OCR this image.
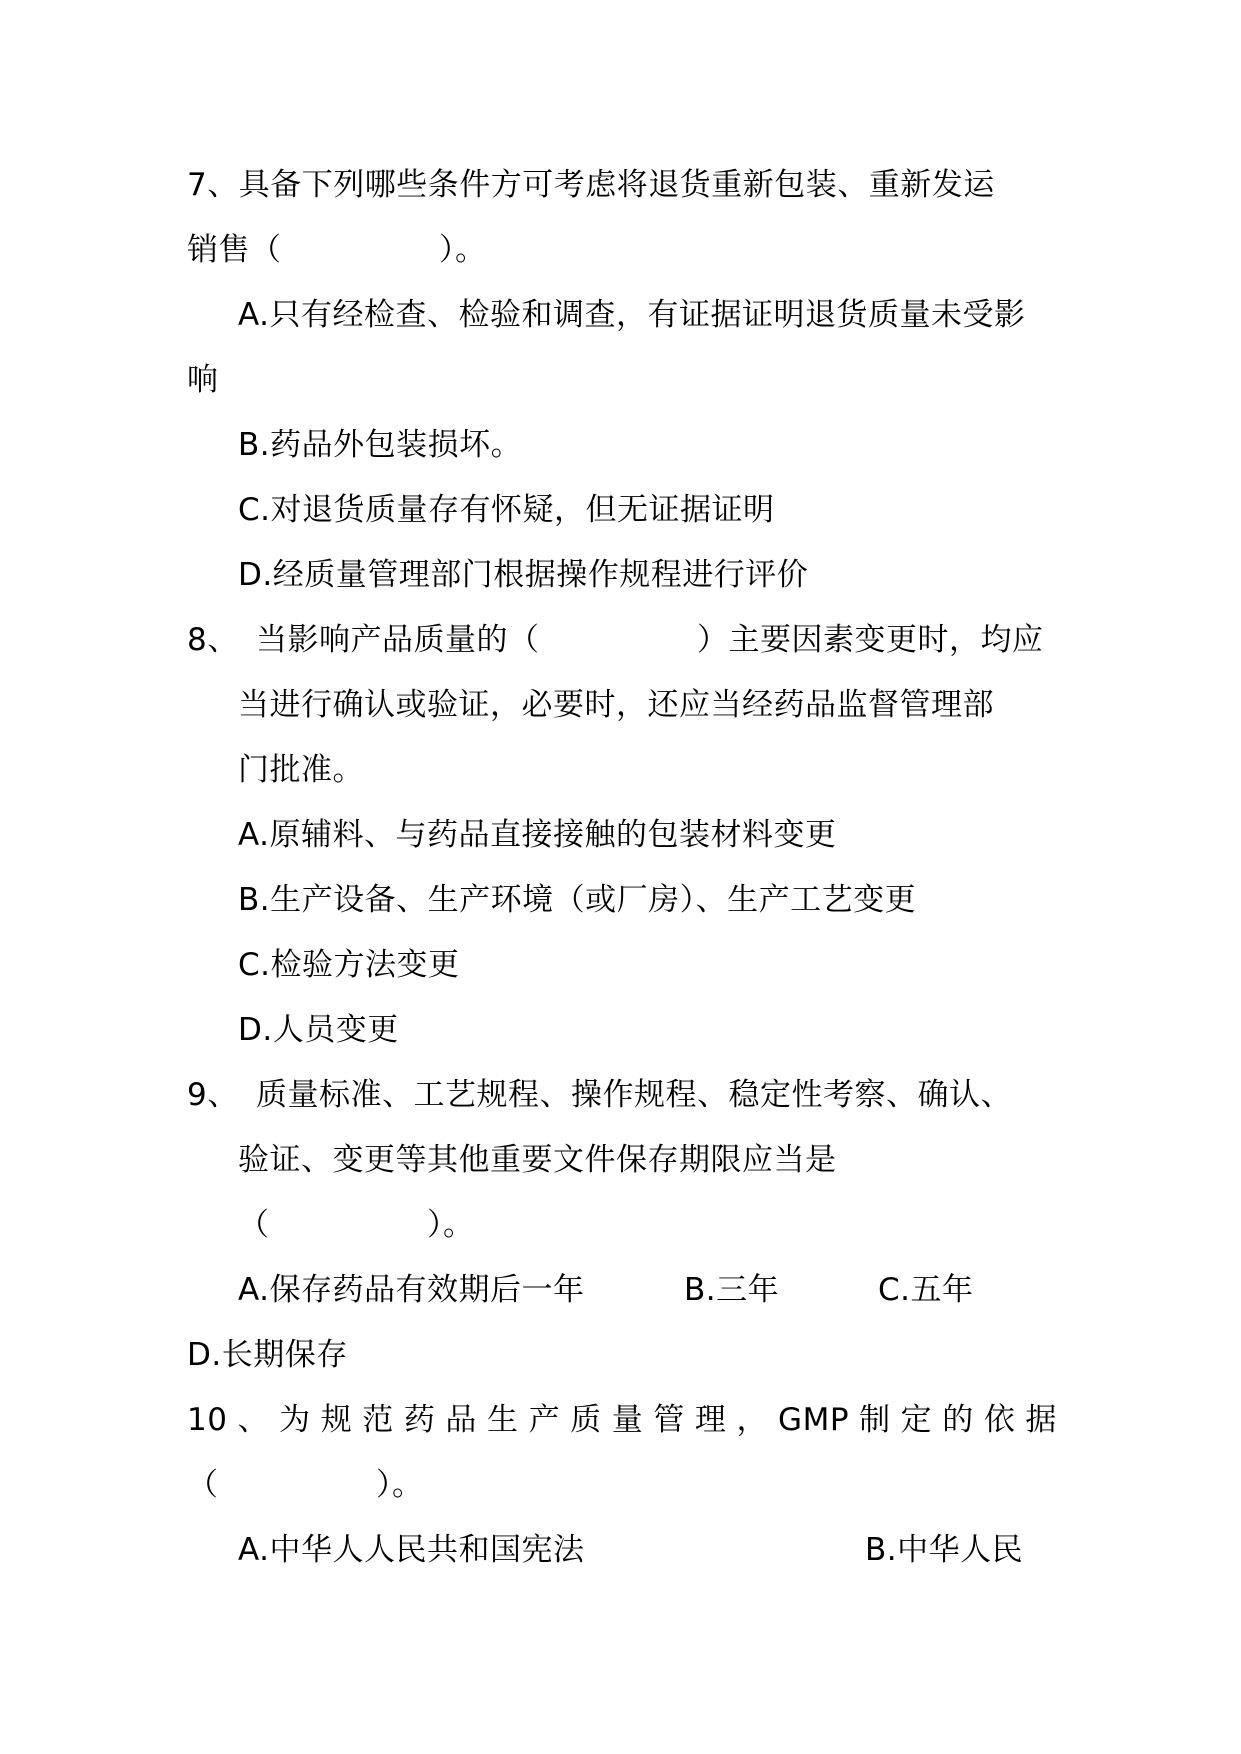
7、具备下列哪些条件方可考虑将退货重新包装、重新发运
销售（　　　　　）。
A.只有经检查、检验和调查，有证据证明退货质量未受影
响
B.药品外包装损坏。
C.对退货质量存有怀疑，但无证据证明
D.经质量管理部门根据操作规程进行评价
8、 当影响产品质量的（　　　　　）主要因素变更时，均应
当进行确认或验证，必要时，还应当经药品监督管理部
门批准。
A.原辅料、与药品直接接触的包装材料变更
B.生产设备、生产环境（或厂房）、生产工艺变更
C.检验方法变更
D.人员变更
9、 质量标准、工艺规程、操作规程、稳定性考察、确认、
验证、变更等其他重要文件保存期限应当是
（　　　　　）。
A.保存药品有效期后一年	B.三年	C.五年
D.长期保存
10 、 为 规 范 药 品 生 产 质 量 管 理 ， GMP 制 定 的 依 据
（　　　　　）。
A.中华人人民共和国宪法	B.中华人民
